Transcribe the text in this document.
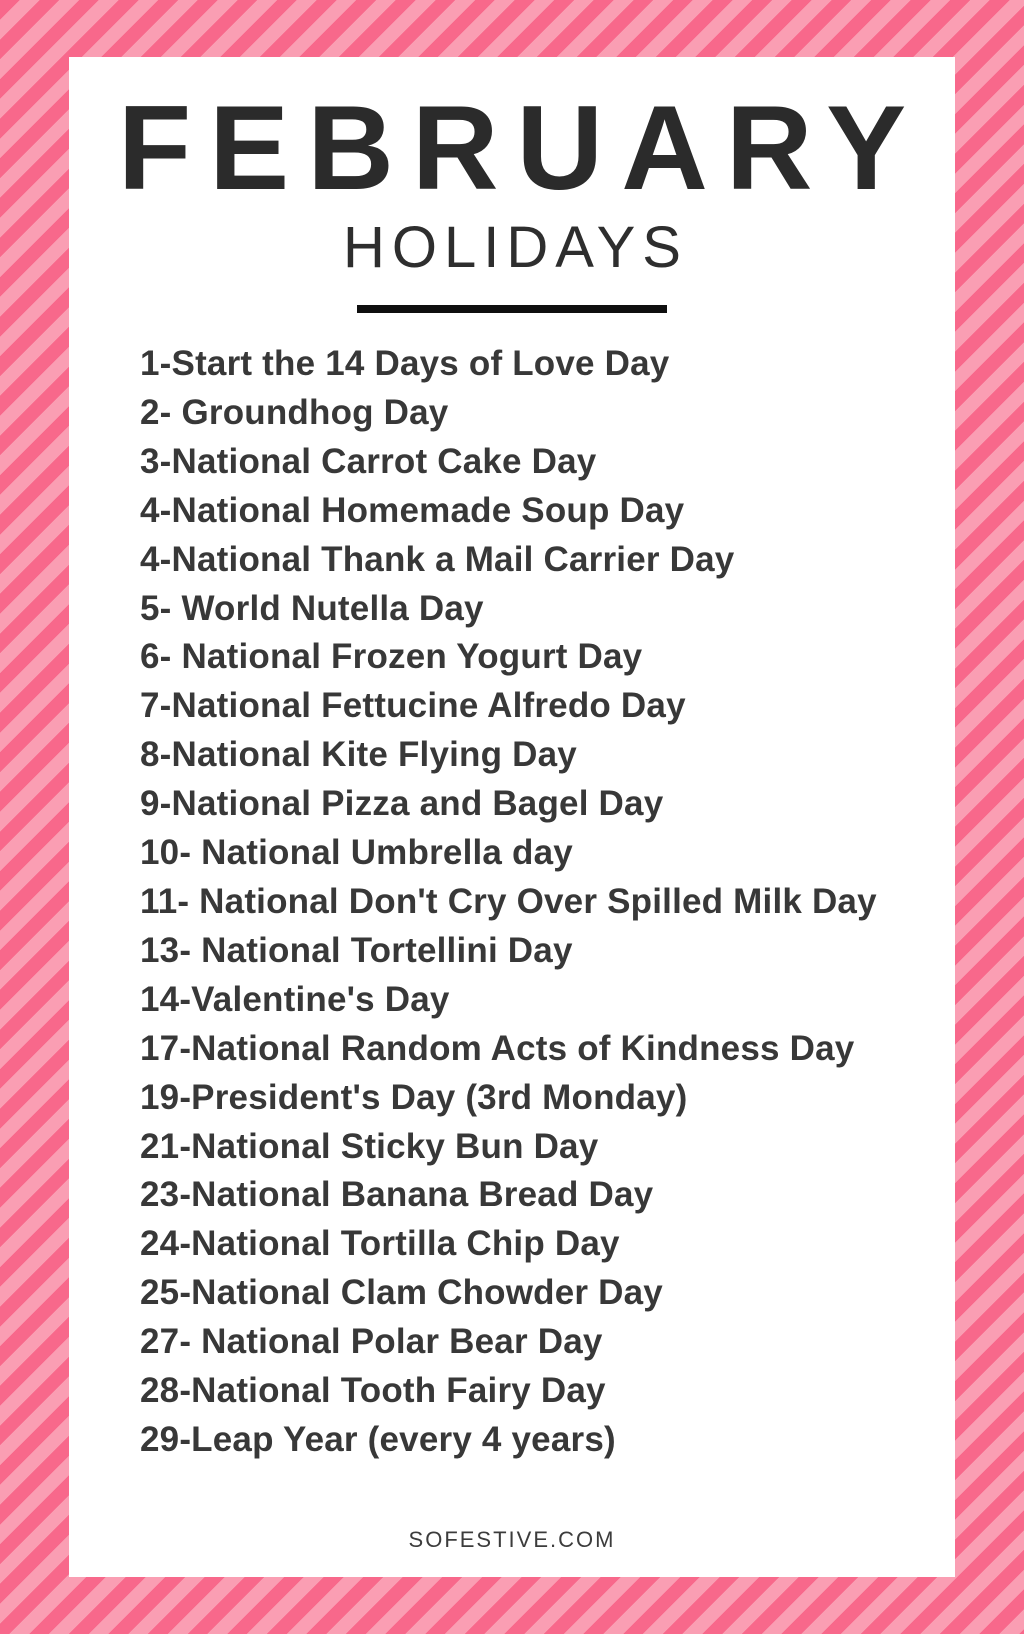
FEBRUARY
HOLIDAYS
1-Start the 14 Days of Love Day
2- Groundhog Day
3-National Carrot Cake Day
4-National Homemade Soup Day
4-National Thank a Mail Carrier Day
5- World Nutella Day
6- National Frozen Yogurt Day
7-National Fettucine Alfredo Day
8-National Kite Flying Day
9-National Pizza and Bagel Day
10- National Umbrella day
11- National Don't Cry Over Spilled Milk Day
13- National Tortellini Day
14-Valentine's Day
17-National Random Acts of Kindness Day
19-President's Day (3rd Monday)
21-National Sticky Bun Day
23-National Banana Bread Day
24-National Tortilla Chip Day
25-National Clam Chowder Day
27- National Polar Bear Day
28-National Tooth Fairy Day
29-Leap Year (every 4 years)
SOFESTIVE.COM
